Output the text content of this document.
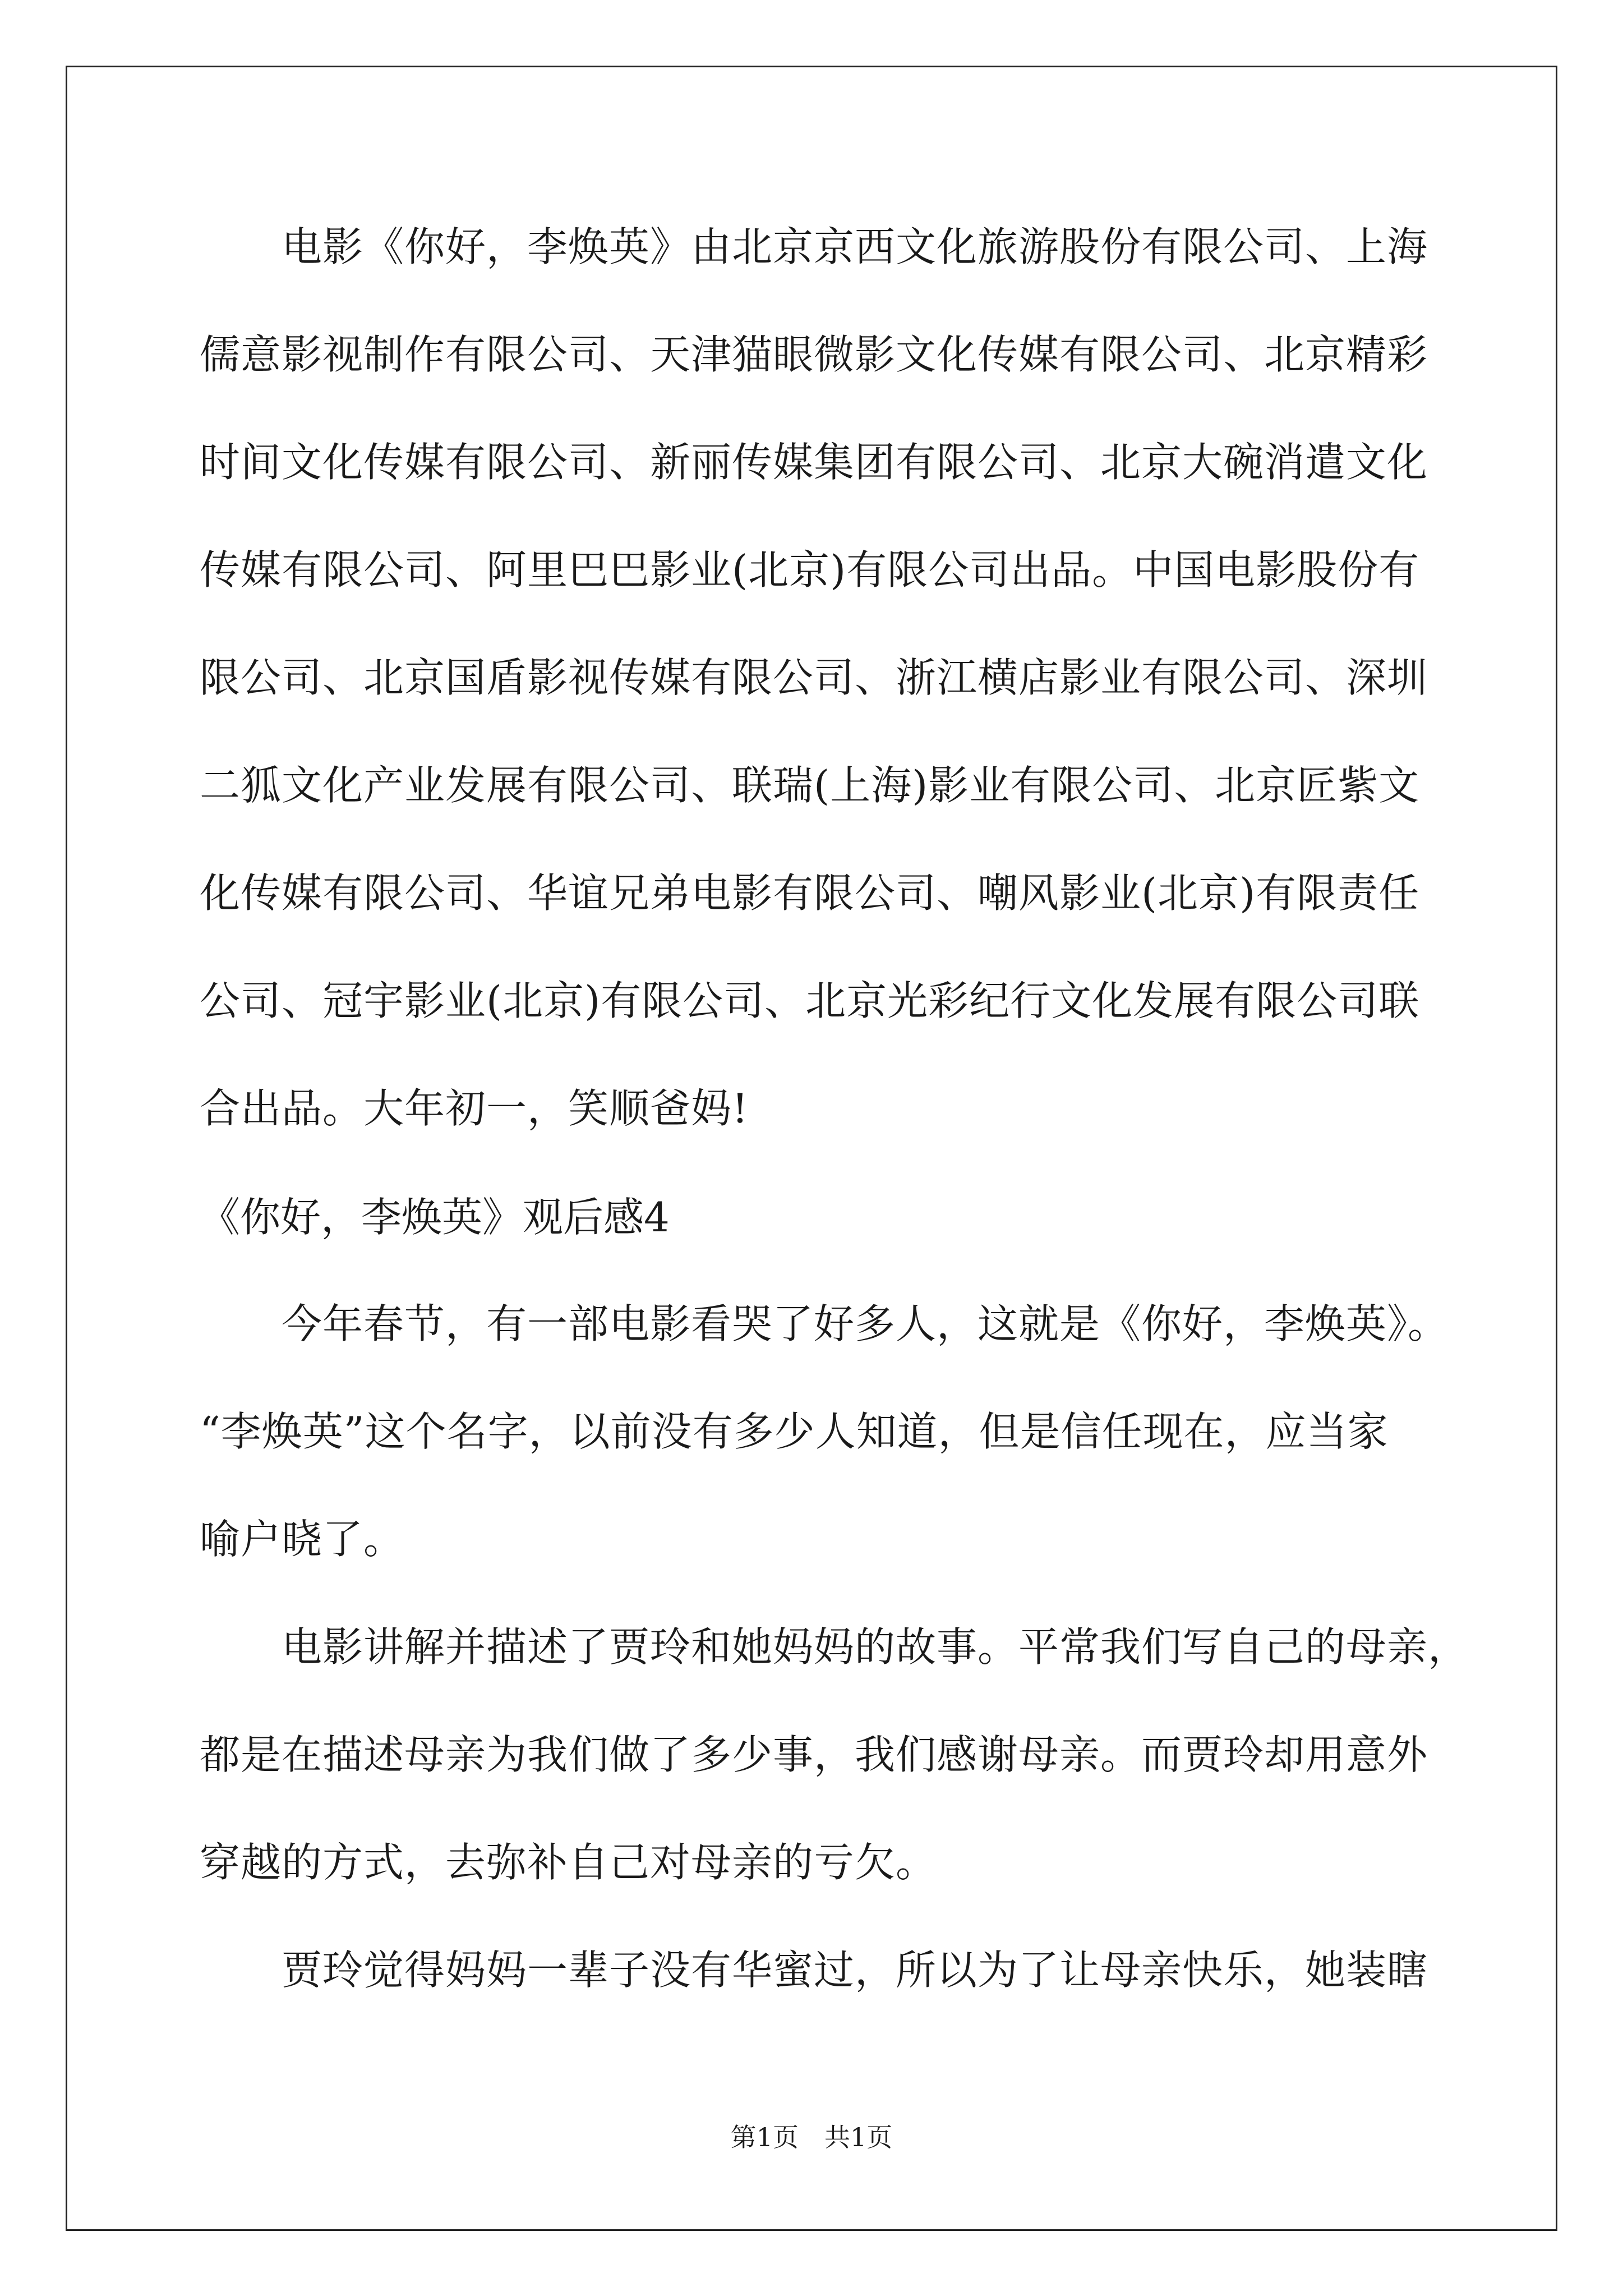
　　电影《你好，李焕英》由北京京西文化旅游股份有限公司、上海
儒意影视制作有限公司、天津猫眼微影文化传媒有限公司、北京精彩
时间文化传媒有限公司、新丽传媒集团有限公司、北京大碗消遣文化
传媒有限公司、阿里巴巴影业(北京)有限公司出品。中国电影股份有
限公司、北京国盾影视传媒有限公司、浙江横店影业有限公司、深圳
二狐文化产业发展有限公司、联瑞(上海)影业有限公司、北京匠紫文
化传媒有限公司、华谊兄弟电影有限公司、嘲风影业(北京)有限责任
公司、冠宇影业(北京)有限公司、北京光彩纪行文化发展有限公司联
合出品。大年初一，笑顺爸妈!
《你好，李焕英》观后感4
　　今年春节，有一部电影看哭了好多人，这就是《你好，李焕英》。
“李焕英”这个名字，以前没有多少人知道，但是信任现在，应当家
喻户晓了。
　　电影讲解并描述了贾玲和她妈妈的故事。平常我们写自己的母亲，
都是在描述母亲为我们做了多少事，我们感谢母亲。而贾玲却用意外
穿越的方式，去弥补自己对母亲的亏欠。
　　贾玲觉得妈妈一辈子没有华蜜过，所以为了让母亲快乐，她装瞎
第1页　共1页
